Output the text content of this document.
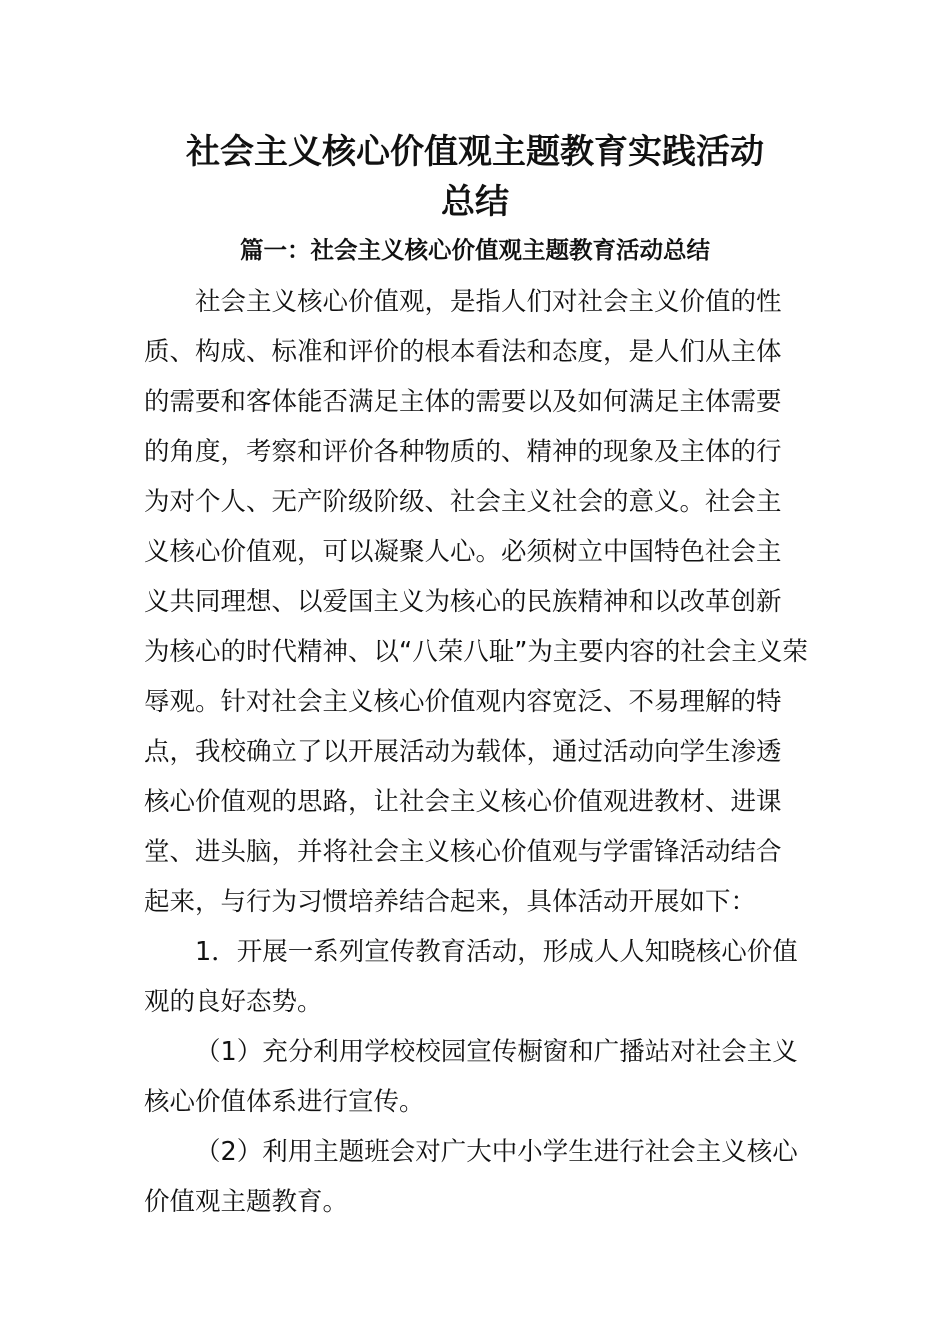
社会主义核心价值观主题教育实践活动
总结
篇一：社会主义核心价值观主题教育活动总结
社会主义核心价值观，是指人们对社会主义价值的性
质、构成、标准和评价的根本看法和态度，是人们从主体
的需要和客体能否满足主体的需要以及如何满足主体需要
的角度，考察和评价各种物质的、精神的现象及主体的行
为对个人、无产阶级阶级、社会主义社会的意义。社会主
义核心价值观，可以凝聚人心。必须树立中国特色社会主
义共同理想、以爱国主义为核心的民族精神和以改革创新
为核心的时代精神、以“八荣八耻”为主要内容的社会主义荣
辱观。针对社会主义核心价值观内容宽泛、不易理解的特
点，我校确立了以开展活动为载体，通过活动向学生渗透
核心价值观的思路，让社会主义核心价值观进教材、进课
堂、进头脑，并将社会主义核心价值观与学雷锋活动结合
起来，与行为习惯培养结合起来，具体活动开展如下：
1．开展一系列宣传教育活动，形成人人知晓核心价值
观的良好态势。
（1）充分利用学校校园宣传橱窗和广播站对社会主义
核心价值体系进行宣传。
（2）利用主题班会对广大中小学生进行社会主义核心
价值观主题教育。
